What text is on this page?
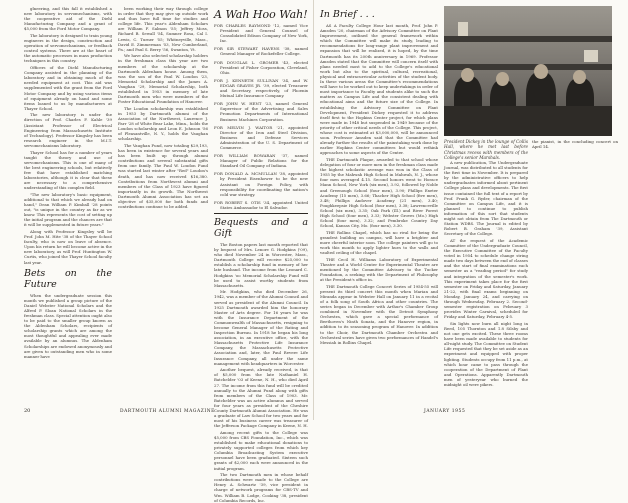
glneering, and this fall it established a new laboratory in servomechanisms, with the cooperative aid of the Diehl Manufacturing Company and a grant of $5,000 from the Ford Motor Company.

The laboratory is designed to train young engineers in the design, construction and operation of servomechanisms, or feedback control systems. There are at the heart of the automatic processes in mass production techniques in this country.

Officers of the Diehl Manufacturing Company assisted in the planning of the laboratory and in obtaining much of the needed equipment at cost. This aid was supplemented with the grant from the Ford Motor Company and by using various items of equipment already on hand and some items loaned to us by manufacturers at Thayer School.

The new laboratory is under the direction of Prof. Charles F. Kahle '39 (Assistant Professor of Electrical Engineering from Massachusetts Institute of Technology). Professor Kingsley has been research engineer in the M.I.T. servomechanisms laboratory.

Thayer School has for a number of years taught the theory and use of servomechanisms. This is one of many of the best engineering schools, but relatively few that have established matching laboratories, although it is clear that these are necessary to a comprehensive understanding of this complex field.

"The new laboratory's basic equipment, additional to that which we already had on hand," Dean William P. Kimball '28 points out, "is unique in the country as far as we know. This represents the cost of setting up the initial program and the chances are that it will be supplemented in future years."

Along with Professor Kingsley will be Prof. John M. Hite '38 of the Thayer School faculty, who is now on leave of absence. Upon his return he will become active in the new laboratory, as will Prof. Huntington W. Curtis, who joined the Thayer School faculty last year.

Bets on the Future

When the undergraduate session this month we published a group picture of the Daniel Webster National Scholars and the Alfred P. Sloan National Scholars in the freshman class. Special attention ought also to be paid to the smaller group known as the Aldenham Scholars, recipients of scholarship grants which are among the most thoughtful and appealing ever made available by an alumnus. The Aldenham Scholarships are endowed anonymously and are given to outstanding men who in some manner have

been working their way through college in order that they may give up outside work and thus have full time for studies and college life. This year's Aldenham Scholars are William F. Salmon '55; Jeffrey Moss, Richard B. Sewall '54, Sumner Rosa, Cal I. Lewis, C. Turner '55; Whitneyville, Mass., David E. Zimmerman '53, New Cumberland, Pa.; and Paul S. Berry '56, Swanton, Vt.

We have also selected scholarship holders in the freshman class this year are two members of the scholarship at the Dartmouth Aldenham house. Among them, was the son of the Paul W. Loudon '23, Memorial Scholarship and the James A. Vaughan '29, Memorial Scholarship, both established in 1953 in memory of late Dartmouth men who were members of the Foster Educational Foundation of Hanover.

The Loudon scholarship was established in 1953 by Dartmouth alumni of the Association of the Northwest, Laurence J. Farr '28 of White Bear Lake, Minn., holds the Loudon scholarship and Leon E. Johnson '56 of Pleasantville, N. Y., holds the Vaughan scholarship.

The Vaughan Fund, now totaling $29,193, has been in existence for several years and has been built up through alumni contributions and several substantial gifts from one family. The Paul W. Loudon Fund was started last winter after "Red" Loudon's death, and has now received $16,380. Contributions from Northwest alumni and members of the Class of 1923 have figured importantly in its growth. The Northwest Dartmouth Alumni Association has set an objective of $35,000 for both funds and contributions continue to be added.

A Wah Hoo Wah!

FOR CHARLES RAYMOND '12, named Vice President and General Counsel of Consolidated Edison Company of New York, Inc.

FOR SIR STEWART HAVENS '38, named General Manager of Rockefeller College.

FOR DOUGLAS L. GROMER '43, elected President of Fisher Corporation, Cleveland, Ohio.

FOR J. KENNETH SULLIVAN '34, and W. EDGAR GRAVES JR. '39, elected Treasurer and Secretary, respectively, of Phoenix Mutual Life Insurance Company.

FOR JOHN W. HENT '23, named General Supervisor of the Advertising and Sales Promotion Departments of International Business Machines Corporation.

FOR MELVIN J. WAITOR '21, appointed Director of the Iron and Steel Division, Business and Defense Services Administration of the U. S. Department of Commerce.

FOR WILLIAM BOWARAN '37, named Manager of Public Relations for the Standard Oil Company of Indiana.

FOR DONALD A. MCMULLAN '38, appointed by President Eisenhower to be the new Assistant on Foreign Policy, with responsibility for coordinating the nation's cold war strategy.

FOR ROBERT S. OTIS '34, appointed United States Ambassador to El Salvador.

Bequests and a Gift

The Boston papers last month reported that by bequest of Mrs. Lenore G. Hodgkins ('09), who died November 24 in Worcester, Mass., Dartmouth College will receive $25,000 to establish a scholarship fund in memory of her late husband. The income from the Leonard C. Hodgkins 'oo Memorial Scholarship Fund will be used to assist worthy students from Massachusetts.

Mr. Hodgkins, who died December 26, 1942, was a member of the Alumni Council and served as president of the Alumni Council. In 1925 Dartmouth awarded him the honorary Master of Arts degree. For 16 years he was with the Insurance Department of the Commonwealth of Massachusetts, resigning to become General Manager of the Rating and Inspection Bureau. In 1918 he began his long association, in an executive office, with the Massachusetts Protective Life Insurance Company, the Massachusetts Protective Association and, later, the Paul Revere Life Insurance Company, all under the same management with headquarters in Worcester.

Another bequest, already received, is that of $5,000 from the late Nathaniel H. Batchelder '03 of Keene, N. H., who died April 27. The income from this fund will be credited annually to the Alumni Fund along with gifts from members of the Class of 1903. Mr. Batchelder was an active alumnus and served for four years as president of the Cheshire County Dartmouth Alumni Association. He was a graduate of Law School for two years and for most of his business career was treasurer of the Jefferson Package Company in Keene, N. H.

Among recent gifts to the College was $5,000 from CBS Foundation, Inc., which was established to make educational donations to privately supported colleges from which key Columbia Broadcasting System executive personnel have been graduated. Sixteen such grants of $2,000 each were announced in the initial program.

The two Dartmouth men in whose behalf contributions were made to the College are Henry A. Schwartz '39, vice president in charge of network programs for CBS-TV and Wm. William B. Lodge, Cooking '38, president of Columbia Records, Inc.

DARTMOUTH ALUMNI MAGAZINE
20
In Brief . . .

AS A Faculty College Hour last month, Prof. John P. Amsden '20, chairman of the Advisory Committee on Plant Improvement, outlined the general framework within which the Committee will make its study, leading to recommendations for long-range plant improvement and expansion that will be realized, it is hoped, by the time Dartmouth has its 200th anniversary in 1969. Professor Amsden stated that the Committee will concern itself with plans needed most to add to the College's educational work but also to the spiritual, cultural, recreational, physical and extracurricular activities of the student body. In these various areas the Committee's recommendations will have to be worked out to keep undertakings in order of most importance to Faculty and students alike to such the matters as Campus Life and the consistent dealing with educational aims and the future size of the College. In establishing the Advisory Committee on Plant Development, President Dickey requested it to address itself first to the Hopkins Center project, for which plans were made in 1948 but suspended in 1949 because of the priority of other critical needs of the College. This project, whose cost is estimated at $3,000,000, will be announced soon. Professor Amsden said that the Committee had already further the results of the painstaking work done by earlier Hopkins Center committees but would rethink approaches to some aspects of the Center.

THE Dartmouth Plaque, awarded to that school whose delegation of four or more men in the freshman class made the highest scholastic average was won in the Class of 1955 by the Mahwah High School in Mahwah, N. J., whose four men averaged 4.15. Second honors went to Horace Mann School, New York (six men), 3.92, followed by Noble and Greenough School (four men), 3.90; Phillips Exeter Academy (15 men), 3.66; Thacher High School (five men), 3.48; Phillips Andover Academy (21 men), 3.40; Poughkeepsie High School (four men), 3.38; Lawrenceville School (six men), 3.35; Oak Park (Ill.) and River Forest High School (four men), 3.33; Webster Groves (Mo.) High School (four men), 3.32; and Pembroke Country Day School, Kansas City, Mo. (four men), 3.30.

THE Rollins Chapel, which has no rival for being the grandest building on campus, will have a brighter and more cheerful interior soon. The college painters will go to work this month to apply lighter hues to the walls and vaulted ceiling of the chapel.

THE Cecil H. Williams Laboratory of Experimental Theatre and a World Center for Experimental Theatre are mentioned by the Committee Advisory to the Tucker Foundation, a seeking with the Department of Philosophy at the President's office in.

THE Dartmouth College Concert Series of 1954-55 will present its third concert this month when Marian and Miranda appear in Webster Hall on January 11 in a recital of a folk song of South Africa and other countries. The series began in December with Arthur's Chamber Group combined in November with the Detroit Symphony Orchestra, which gave a special performance of Beethoven's Ninth Sonata, and the Hanover region, in addition to its seasoning program of Hanover. In addition to the Choir, the Dartmouth Chamber Orchestra and Orchestral series have given two performances of Handel's Messiah in Rollins Chapel.

President Dickey in the lounge of Collis Hall, where he met last before Christmas recess with members of the College's senior Marshals.

the pianist, in the concluding concert on April 14.

A new publication, The Undergraduate Journal, was distributed to all students for the first time in November. It is prepared by the administrative officers to help undergraduates informed about pertinent College plans and developments. The first issue contained the full text of a report by Prof. Frank G. Ryder, chairman of the Committee on Campus Life, and it is planned to continue to publish information of this sort that students might not obtain from The Dartmouth or Station WDBS. The Journal is edited by Robert B. Graham '39, Assistant Secretary of the College.

AT the request of the Academic Committee of the Undergraduate Council, the Executive Committee of the Faculty voted in 1954 to schedule change string made two days between the end of classes and the start of final examinations each semester as a "reading period" for study and integration of the semester's work. This experiment takes place for the first semester on Friday and Saturday, January 21-22, with final exams beginning on Monday, January 24, and carrying on through Wednesday, February 2. Second-semester registration on February 3 provides Winter Carnival, scheduled for Friday and Saturday, February 4-5.

Six lights now burn all night long in Reed, 105 Thornton and 1.8 Silsby and not one gets excited. These three rooms have been made available to students for all-night study. The Committee on Student Life requested that they be set aside as an experiment and equipped with proper lighting. Students occupy from 11 p.m., at which hour came to pass through the cooperation of the Department of Plant and Operations. Apparently Dartmouth men of yesteryear who burned the midnight oil were pikers.

JANUARY 1955
